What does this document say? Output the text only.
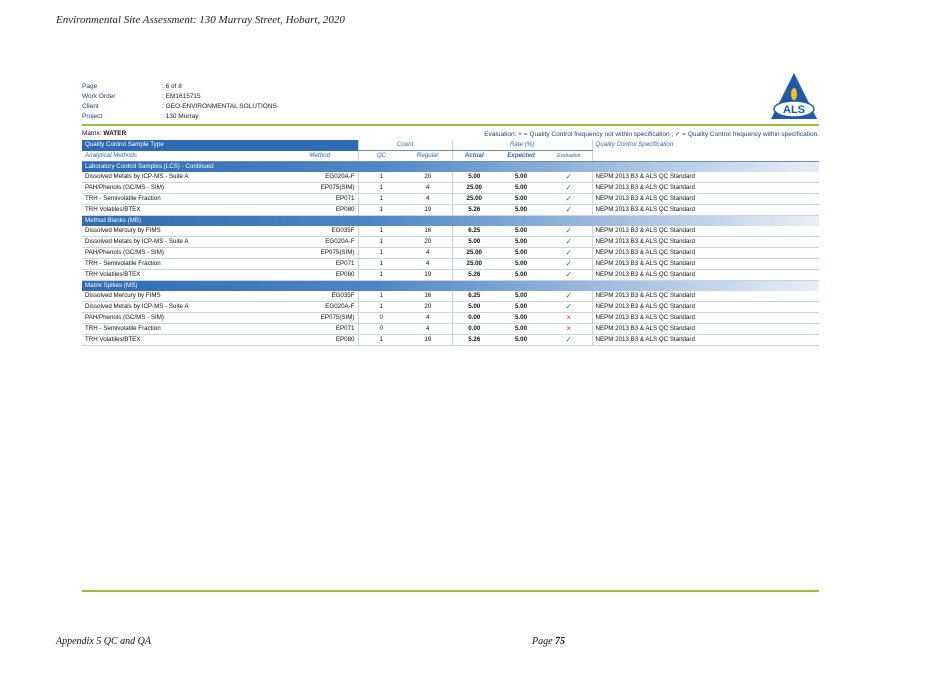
Environmental Site Assessment: 130 Murray Street, Hobart, 2020
Page	: 6 of 8
Work Order	: EM1615715
Client	: GEO-ENVIRONMENTAL SOLUTIONS
Project	: 130 Murray
ALS
Matrix: WATER	Evaluation: × = Quality Control frequency not within specification ; ✓ = Quality Control frequency within specification.
Quality Control Sample Type		Count		Rate (%)			Quality Control Specification
Analytical Methods	Method	QC	Regular	Actual	Expected	Evaluation	
Laboratory Control Samples (LCS) - Continued							
Dissolved Metals by ICP-MS - Suite A	EG020A-F	1	20	5.00	5.00	✓	NEPM 2013 B3 & ALS QC Standard
PAH/Phenols (GC/MS - SIM)	EP075(SIM)	1	4	25.00	5.00	✓	NEPM 2013 B3 & ALS QC Standard
TRH - Semivolatile Fraction	EP071	1	4	25.00	5.00	✓	NEPM 2013 B3 & ALS QC Standard
TRH Volatiles/BTEX	EP080	1	19	5.26	5.00	✓	NEPM 2013 B3 & ALS QC Standard
Method Blanks (MB)							
Dissolved Mercury by FIMS	EG035F	1	16	6.25	5.00	✓	NEPM 2013 B3 & ALS QC Standard
Dissolved Metals by ICP-MS - Suite A	EG020A-F	1	20	5.00	5.00	✓	NEPM 2013 B3 & ALS QC Standard
PAH/Phenols (GC/MS - SIM)	EP075(SIM)	1	4	25.00	5.00	✓	NEPM 2013 B3 & ALS QC Standard
TRH - Semivolatile Fraction	EP071	1	4	25.00	5.00	✓	NEPM 2013 B3 & ALS QC Standard
TRH Volatiles/BTEX	EP080	1	19	5.26	5.00	✓	NEPM 2013 B3 & ALS QC Standard
Matrix Spikes (MS)							
Dissolved Mercury by FIMS	EG035F	1	16	6.25	5.00	✓	NEPM 2013 B3 & ALS QC Standard
Dissolved Metals by ICP-MS - Suite A	EG020A-F	1	20	5.00	5.00	✓	NEPM 2013 B3 & ALS QC Standard
PAH/Phenols (GC/MS - SIM)	EP075(SIM)	0	4	0.00	5.00	×	NEPM 2013 B3 & ALS QC Standard
TRH - Semivolatile Fraction	EP071	0	4	0.00	5.00	×	NEPM 2013 B3 & ALS QC Standard
TRH Volatiles/BTEX	EP080	1	19	5.26	5.00	✓	NEPM 2013 B3 & ALS QC Standard
Appendix 5 QC and QA	Page 75
